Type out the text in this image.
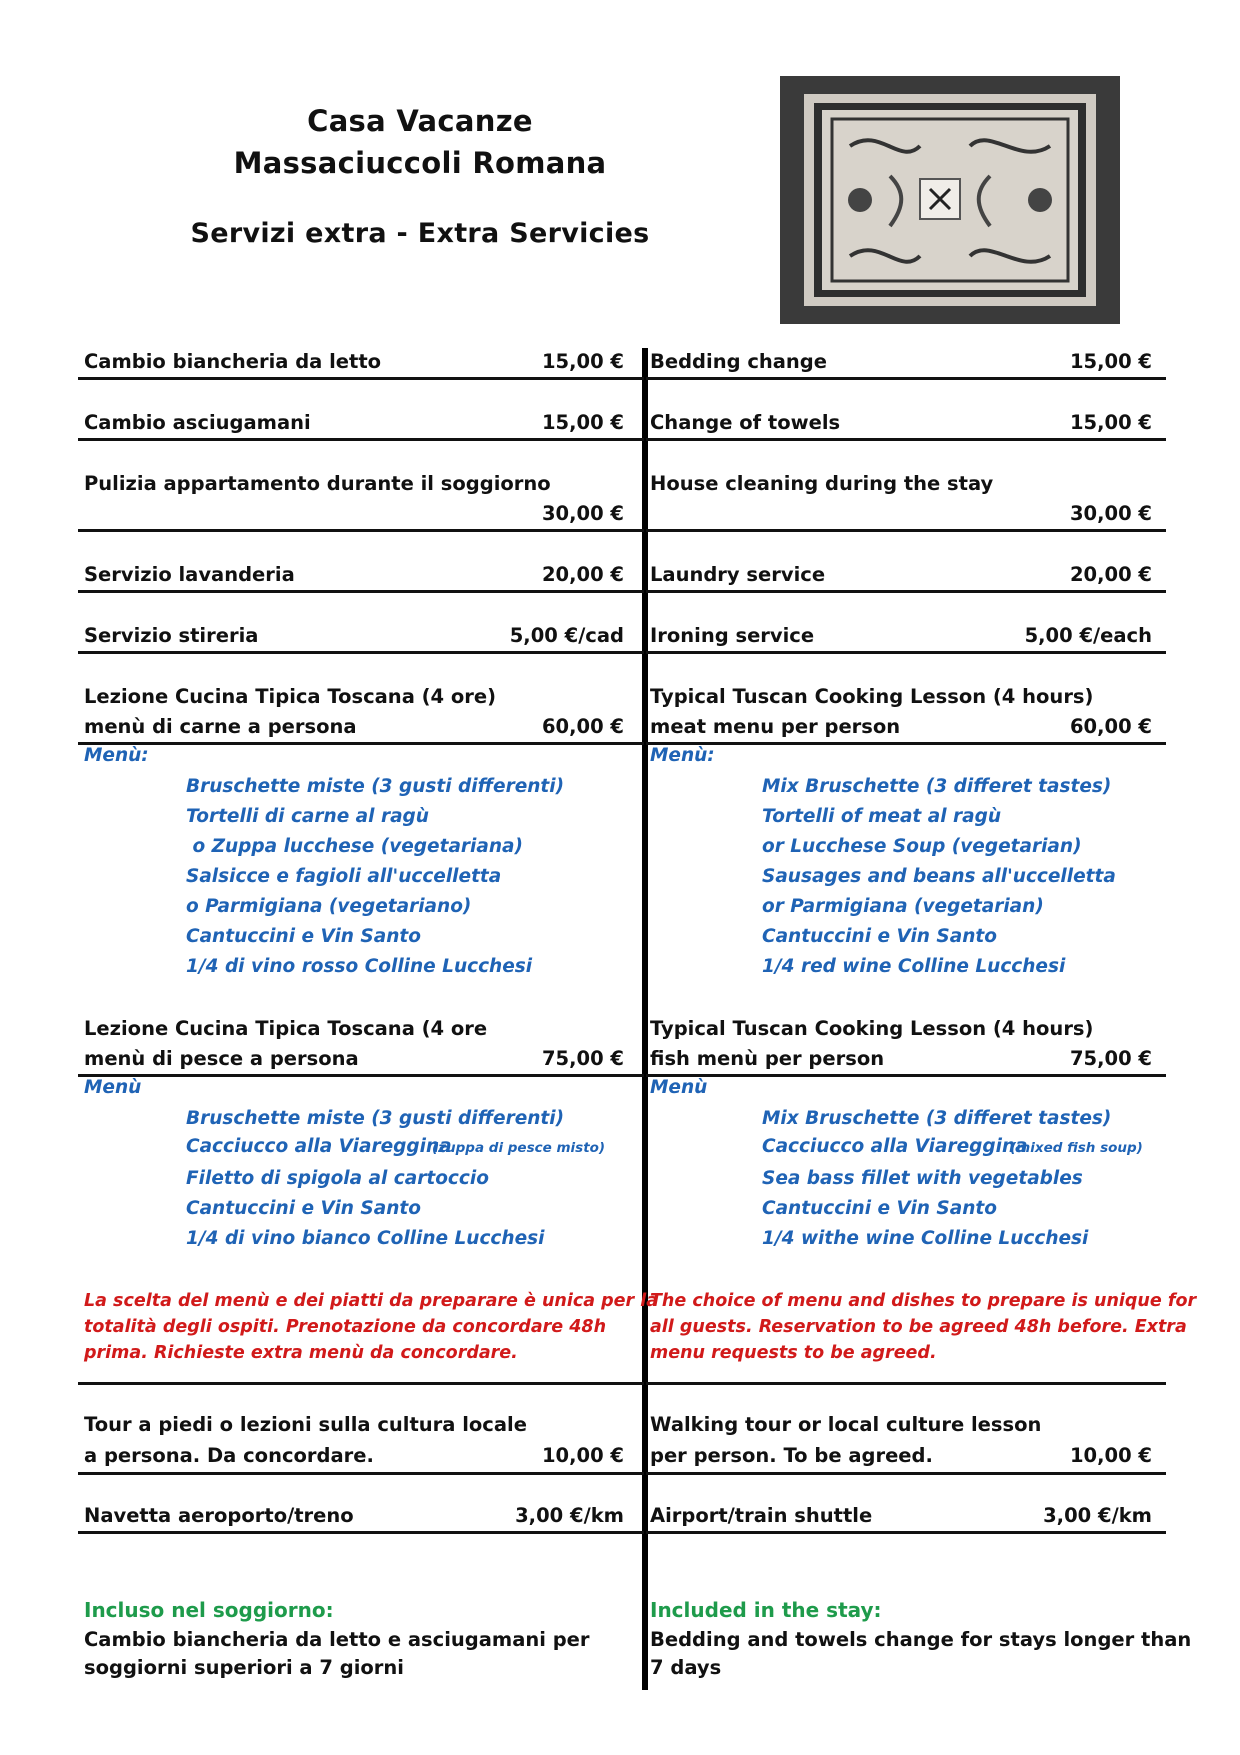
Casa Vacanze
Massaciuccoli Romana
Servizi extra - Extra Servicies
Cambio biancheria da letto	15,00 € Bedding change	15,00 €
Cambio asciugamani	15,00 € Change of towels	15,00 €
Pulizia appartamento durante il soggiorno
30,00 €
House cleaning during the stay
30,00 €
Servizio lavanderia	20,00 € Laundry service	20,00 €
Servizio stireria	5,00 €/cad Ironing service	5,00 €/each
Lezione Cucina Tipica Toscana (4 ore)
menù di carne a persona	60,00 €
Typical Tuscan Cooking Lesson (4 hours)
meat menu per person	60,00 €
Menù:	Menù:
Bruschette miste (3 gusti differenti)
Tortelli di carne al ragù
o Zuppa lucchese (vegetariana)
Salsicce e fagioli all'uccelletta
o Parmigiana (vegetariano)
Cantuccini e Vin Santo
1/4 di vino rosso Colline Lucchesi
Mix Bruschette (3 differet tastes)
Tortelli of meat al ragù
or Lucchese Soup (vegetarian)
Sausages and beans all'uccelletta
or Parmigiana (vegetarian)
Cantuccini e Vin Santo
1/4 red wine Colline Lucchesi
Lezione Cucina Tipica Toscana (4 ore
menù di pesce a persona	75,00 €
Typical Tuscan Cooking Lesson (4 hours)
fish menù per person	75,00 €
Menù	Menù
Bruschette miste (3 gusti differenti)
Cacciucco alla Viareggina
(zuppa di pesce misto)
Filetto di spigola al cartoccio
Cantuccini e Vin Santo
1/4 di vino bianco Colline Lucchesi
Mix Bruschette (3 differet tastes)
Cacciucco alla Viareggina
(mixed fish soup)
Sea bass fillet with vegetables
Cantuccini e Vin Santo
1/4 withe wine Colline Lucchesi
La scelta del menù e dei piatti da preparare è unica per la
totalità degli ospiti. Prenotazione da concordare 48h
prima. Richieste extra menù da concordare.
The choice of menu and dishes to prepare is unique for
all guests. Reservation to be agreed 48h before. Extra
menu requests to be agreed.
Tour a piedi o lezioni sulla cultura locale
a persona. Da concordare.	10,00 €
Walking tour or local culture lesson
per person. To be agreed.	10,00 €
Navetta aeroporto/treno	3,00 €/km Airport/train shuttle	3,00 €/km
Incluso nel soggiorno:
Cambio biancheria da letto e asciugamani per
soggiorni superiori a 7 giorni
Included in the stay:
Bedding and towels change for stays longer than
7 days
